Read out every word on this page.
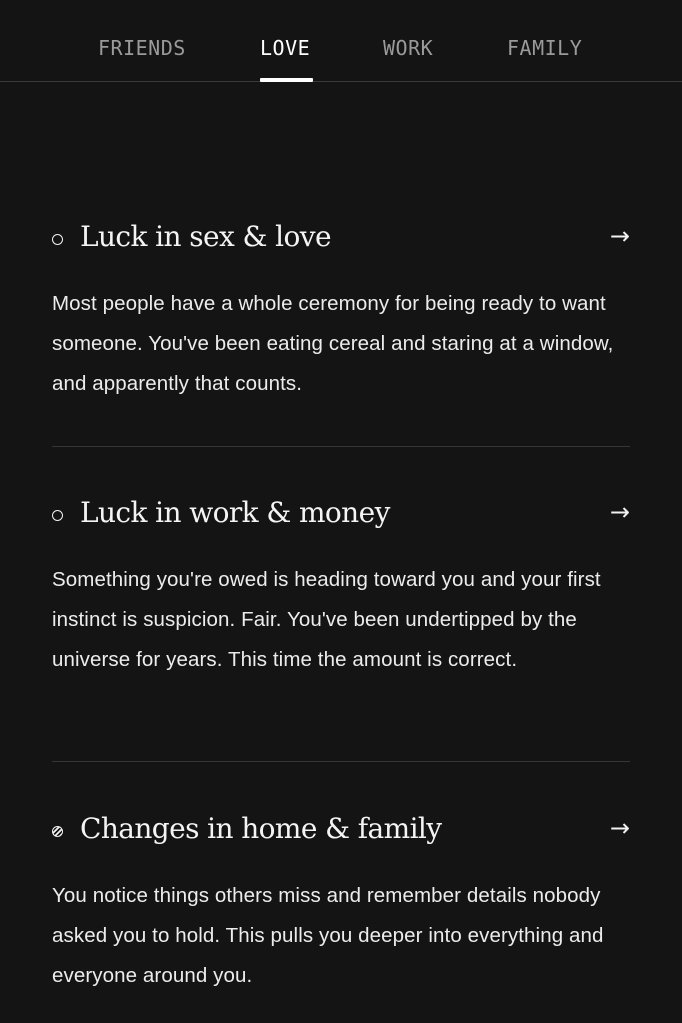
FRIENDS	LOVE	WORK	FAMILY
Luck in sex & love	→
Most people have a whole ceremony for being ready to want someone. You've been eating cereal and staring at a window, and apparently that counts.
Luck in work & money	→
Something you're owed is heading toward you and your first instinct is suspicion. Fair. You've been undertipped by the universe for years. This time the amount is correct.
Changes in home & family	→
You notice things others miss and remember details nobody asked you to hold. This pulls you deeper into everything and everyone around you.
